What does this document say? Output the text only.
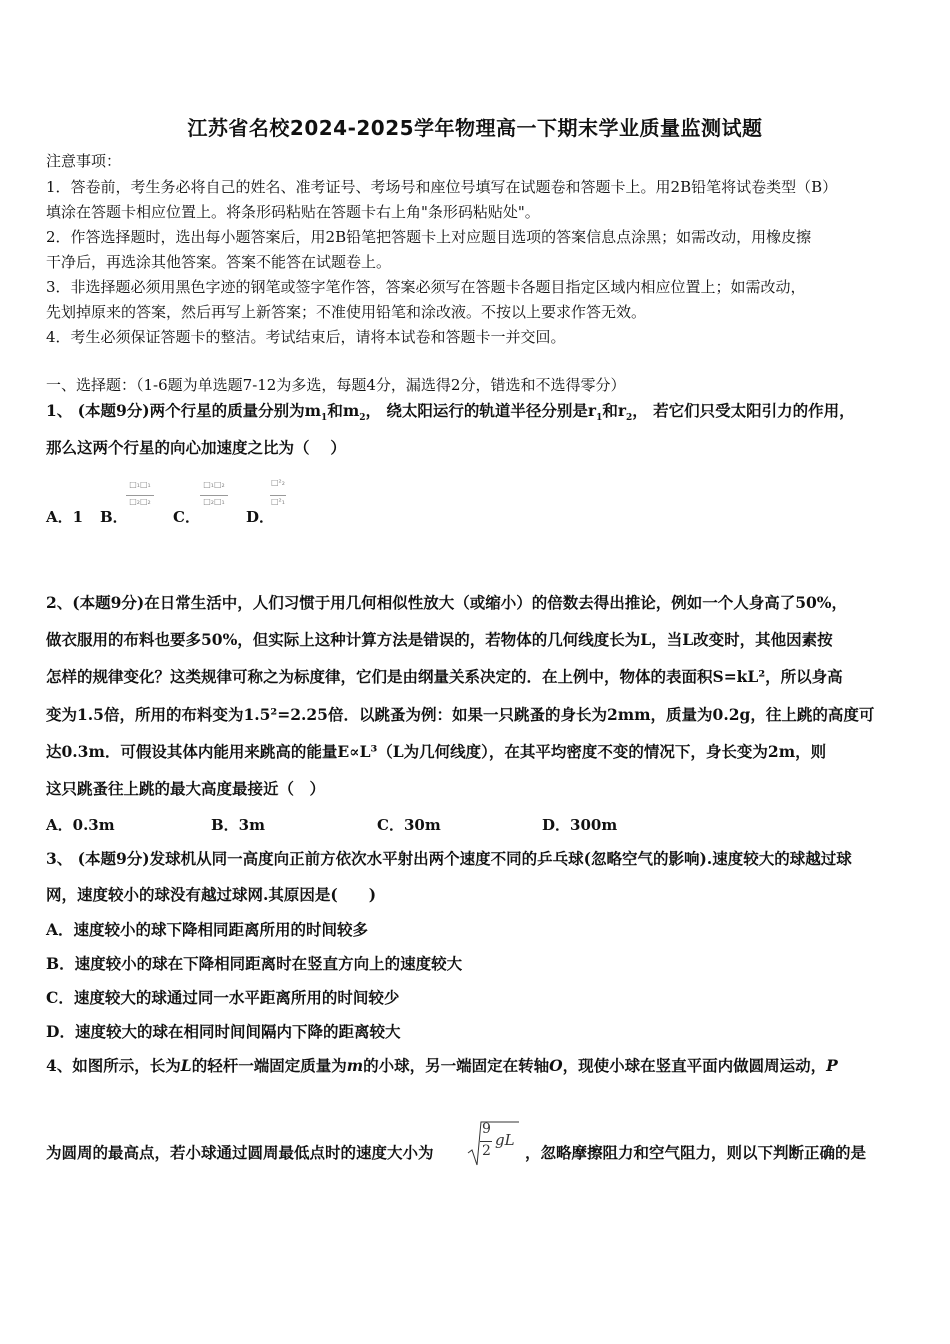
江苏省名校2024-2025学年物理高一下期末学业质量监测试题
注意事项：
1．答卷前，考生务必将自己的姓名、准考证号、考场号和座位号填写在试题卷和答题卡上。用2B铅笔将试卷类型（B）
填涂在答题卡相应位置上。将条形码粘贴在答题卡右上角"条形码粘贴处"。
2．作答选择题时，选出每小题答案后，用2B铅笔把答题卡上对应题目选项的答案信息点涂黑；如需改动，用橡皮擦
干净后，再选涂其他答案。答案不能答在试题卷上。
3．非选择题必须用黑色字迹的钢笔或签字笔作答，答案必须写在答题卡各题目指定区域内相应位置上；如需改动，
先划掉原来的答案，然后再写上新答案；不准使用铅笔和涂改液。不按以上要求作答无效。
4．考生必须保证答题卡的整洁。考试结束后，请将本试卷和答题卡一并交回。
一、选择题：（1-6题为单选题7-12为多选，每题4分，漏选得2分，错选和不选得零分）
1、 (本题9分)两个行星的质量分别为$m_1$和$m_2$， 绕太阳运行的轨道半径分别是$r_1$和$r_2$， 若它们只受太阳引力的作用，
那么这两个行星的向心加速度之比为（　 ）
A．1 B．	C．	D．
□₁□₁
□₂□₂
□₁□₂
□₂□₁
□²₂
□²₁
2、(本题9分)在日常生活中，人们习惯于用几何相似性放大（或缩小）的倍数去得出推论，例如一个人身高了50%，
做衣服用的布料也要多50%，但实际上这种计算方法是错误的，若物体的几何线度长为L，当L改变时，其他因素按
怎样的规律变化？这类规律可称之为标度律，它们是由纲量关系决定的．在上例中，物体的表面积S=kL²，所以身高
变为1.5倍，所用的布料变为1.5²=2.25倍．以跳蚤为例：如果一只跳蚤的身长为2mm，质量为0.2g，往上跳的高度可
达0.3m．可假设其体内能用来跳高的能量E∝L³（L为几何线度），在其平均密度不变的情况下，身长变为2m，则
这只跳蚤往上跳的最大高度最接近（　）
A．0.3m	B．3m	C．30m	D．300m
3、 (本题9分)发球机从同一高度向正前方依次水平射出两个速度不同的乒乓球(忽略空气的影响).速度较大的球越过球
网，速度较小的球没有越过球网.其原因是(　　)
A．速度较小的球下降相同距离所用的时间较多
B．速度较小的球在下降相同距离时在竖直方向上的速度较大
C．速度较大的球通过同一水平距离所用的时间较少
D．速度较大的球在相同时间间隔内下降的距离较大
4、如图所示，长为L的轻杆一端固定质量为m的小球，另一端固定在转轴O，现使小球在竖直平面内做圆周运动，P
为圆周的最高点，若小球通过圆周最低点时的速度大小为
9
2
gL
，忽略摩擦阻力和空气阻力，则以下判断正确的是
